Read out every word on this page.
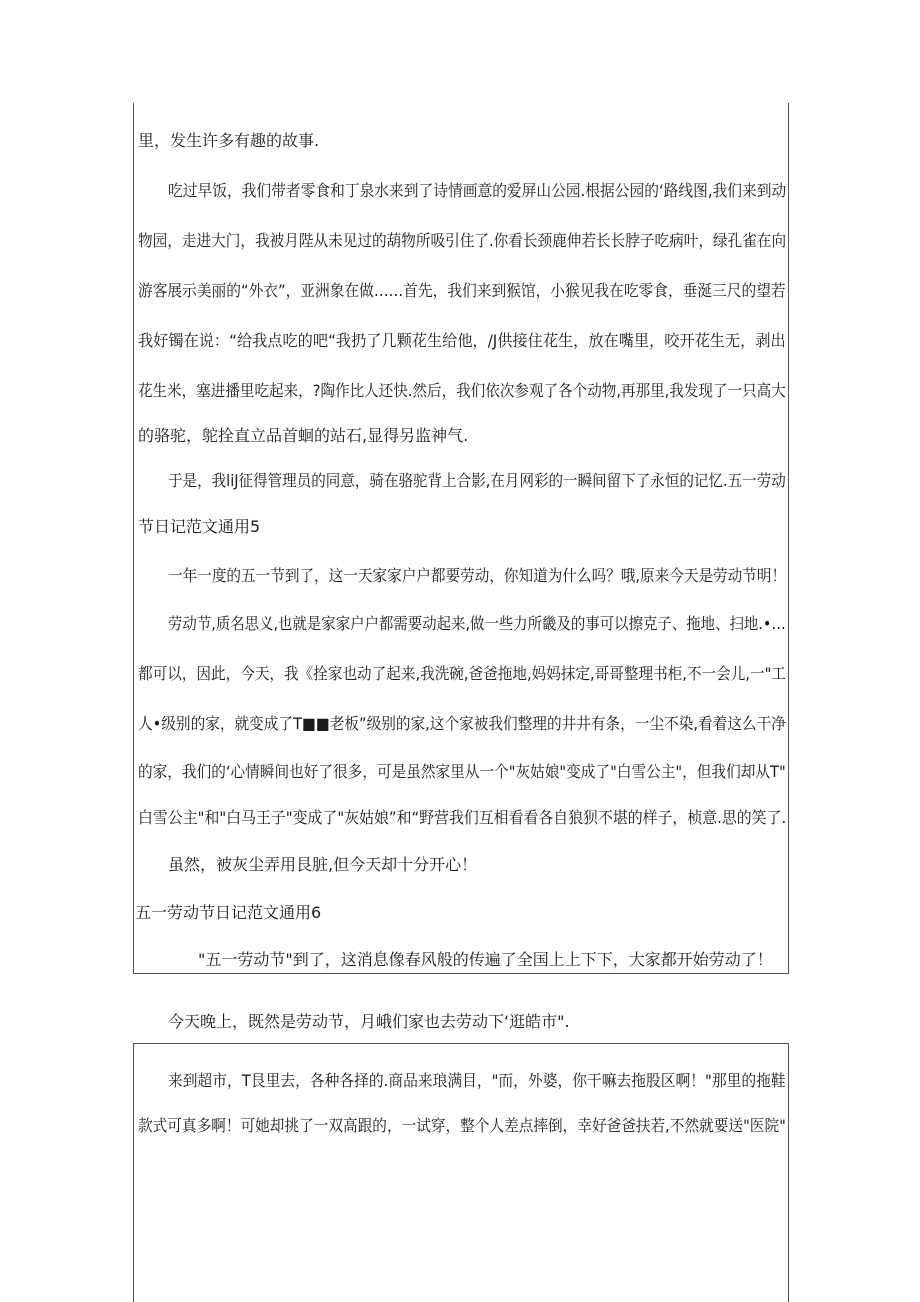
里，发生许多有趣的故事.
吃过早饭，我们带者零食和丁泉水来到了诗情画意的爱屏山公园.根据公园的‘路线图,我们来到动
物园，走进大门，我被月陛从未见过的葫物所吸引住了.你看长颈鹿伸若长长脖子吃病叶，绿孔雀在向
游客展示美丽的“外衣”，亚洲象在做……首先，我们来到猴馆，小猴见我在吃零食，垂涎三尺的望若
我好镯在说：“给我点吃的吧“我扔了几颗花生给他，/J供接住花生，放在嘴里，咬开花生无，剥出
花生米，塞进播里吃起来，?陶作比人还快.然后，我们依次参观了各个动物,再那里,我发现了一只高大
的骆驼，鸵拴直立品首蛔的站石,显得另监神气.
于是，我liJ征得管理员的同意，骑在骆驼背上合影,在月网彩的一瞬间留下了永恒的记忆.五一劳动
节日记范文通用5
一年一度的五一节到了，这一天家家户户都要劳动，你知道为什么吗？哦,原来今天是劳动节明！
劳动节,质名思义,也就是家家户户都需要动起来,做一些力所畿及的事可以擦克子、拖地、扫地.•…
都可以，因此，今天，我《拴家也动了起来,我洗碗,爸爸拖地,妈妈抹定,哥哥整理书柜,不一会儿,一"工
人•级别的家，就变成了T■■老板”级别的家,这个家被我们整理的井井有条，一尘不染,看着这么干净
的家，我们的‘心情瞬间也好了很多，可是虽然家里从一个"灰姑娘"变成了"白雪公主"，但我们却从T"
白雪公主"和"白马王子"变成了"灰姑娘”和“野营我们互相看看各自狼狈不堪的样子，桢意.思的笑了.
虽然，被灰尘弄用艮脏,但今天却十分开心！
五一劳动节日记范文通用6
"五一劳动节"到了，这消息像春风般的传遍了全国上上下下，大家都开始劳动了！
今天晚上，既然是劳动节，月峨们家也去劳动下‘逛皓市".
来到超市，T艮里去，各种各择的.商品来琅满目，"而，外婆，你干嘛去拖股区啊！"那里的拖鞋
款式可真多啊！可她却挑了一双高跟的，一试穿，整个人差点摔倒，幸好爸爸扶若,不然就要送"医院"
